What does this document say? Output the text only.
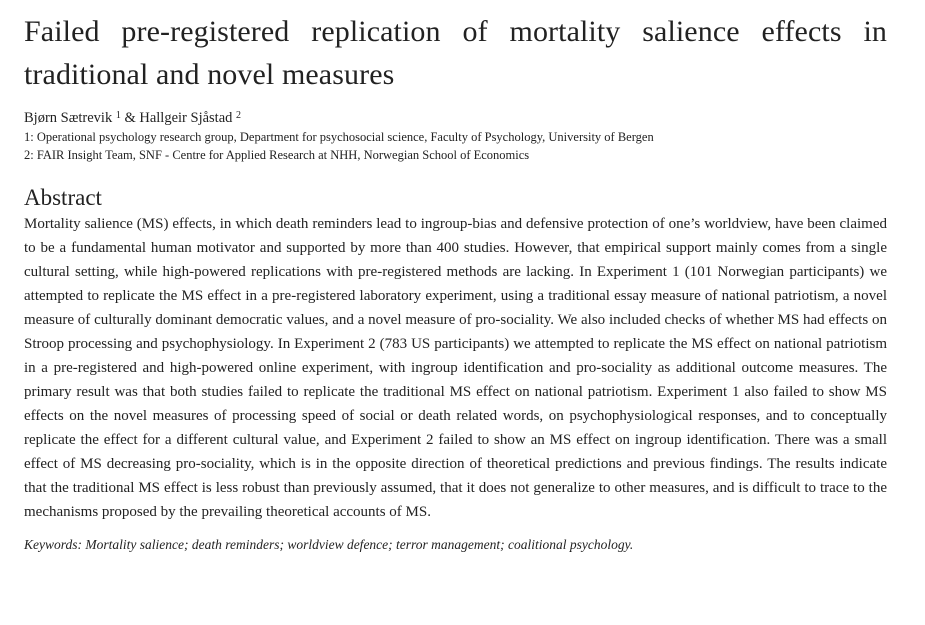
Failed pre-registered replication of mortality salience effects in traditional and novel measures
Bjørn Sætrevik $^1$ & Hallgeir Sjåstad $^2$
1: Operational psychology research group, Department for psychosocial science, Faculty of Psychology, University of Bergen
2: FAIR Insight Team, SNF - Centre for Applied Research at NHH, Norwegian School of Economics
Abstract
Mortality salience (MS) effects, in which death reminders lead to ingroup-bias and defensive protection of one’s worldview, have been claimed to be a fundamental human motivator and supported by more than 400 studies. However, that empirical support mainly comes from a single cultural setting, while high-powered replications with pre-registered methods are lacking. In Experiment 1 (101 Norwegian participants) we attempted to replicate the MS effect in a pre-registered laboratory experiment, using a traditional essay measure of national patriotism, a novel measure of culturally dominant democratic values, and a novel measure of pro-sociality. We also included checks of whether MS had effects on Stroop processing and psychophysiology. In Experiment 2 (783 US participants) we attempted to replicate the MS effect on national patriotism in a pre-registered and high-powered online experiment, with ingroup identification and pro-sociality as additional outcome measures. The primary result was that both studies failed to replicate the traditional MS effect on national patriotism. Experiment 1 also failed to show MS effects on the novel measures of processing speed of social or death related words, on psychophysiological responses, and to conceptually replicate the effect for a different cultural value, and Experiment 2 failed to show an MS effect on ingroup identification. There was a small effect of MS decreasing pro-sociality, which is in the opposite direction of theoretical predictions and previous findings. The results indicate that the traditional MS effect is less robust than previously assumed, that it does not generalize to other measures, and is difficult to trace to the mechanisms proposed by the prevailing theoretical accounts of MS.
Keywords: Mortality salience; death reminders; worldview defence; terror management; coalitional psychology.
